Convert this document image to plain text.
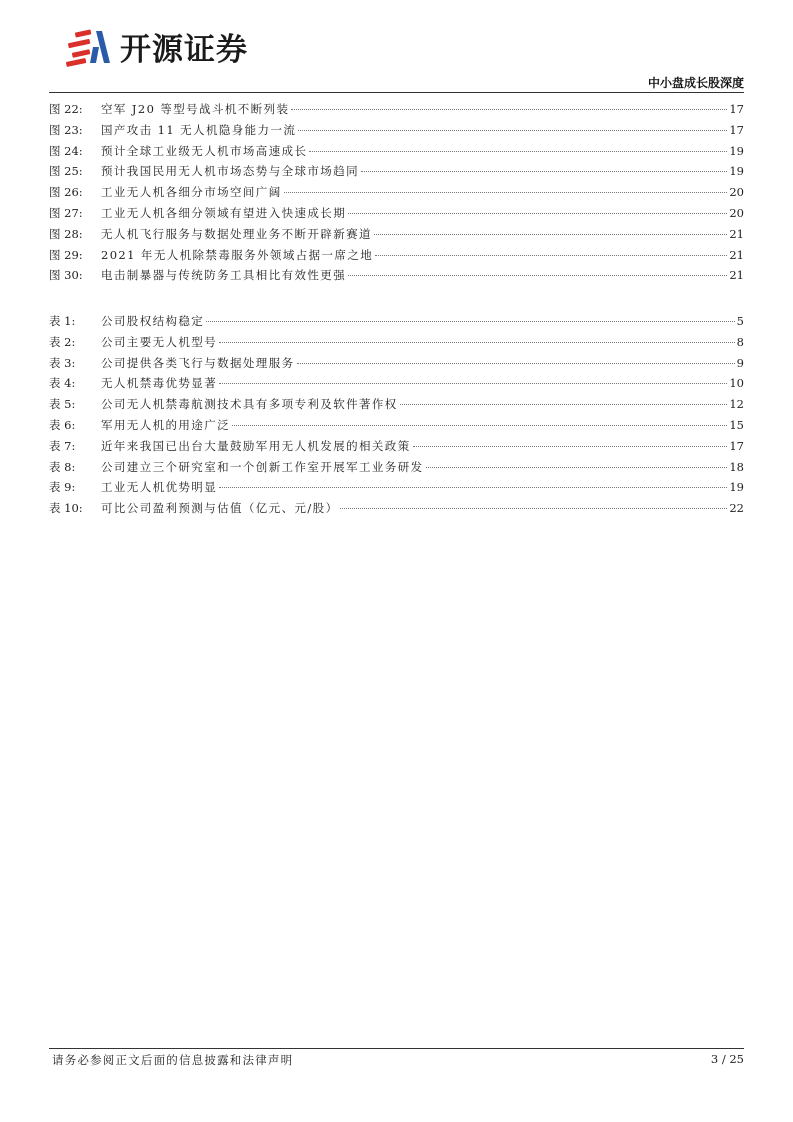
开源证券
中小盘成长股深度
图 22:	空军 J20 等型号战斗机不断列装	17
图 23:	国产攻击 11 无人机隐身能力一流	17
图 24:	预计全球工业级无人机市场高速成长	19
图 25:	预计我国民用无人机市场态势与全球市场趋同	19
图 26:	工业无人机各细分市场空间广阔	20
图 27:	工业无人机各细分领域有望进入快速成长期	20
图 28:	无人机飞行服务与数据处理业务不断开辟新赛道	21
图 29:	2021 年无人机除禁毒服务外领域占据一席之地	21
图 30:	电击制暴器与传统防务工具相比有效性更强	21
表 1:	公司股权结构稳定	5
表 2:	公司主要无人机型号	8
表 3:	公司提供各类飞行与数据处理服务	9
表 4:	无人机禁毒优势显著	10
表 5:	公司无人机禁毒航测技术具有多项专利及软件著作权	12
表 6:	军用无人机的用途广泛	15
表 7:	近年来我国已出台大量鼓励军用无人机发展的相关政策	17
表 8:	公司建立三个研究室和一个创新工作室开展军工业务研发	18
表 9:	工业无人机优势明显	19
表 10:	可比公司盈利预测与估值（亿元、元/股）	22
请务必参阅正文后面的信息披露和法律声明	3 / 25
